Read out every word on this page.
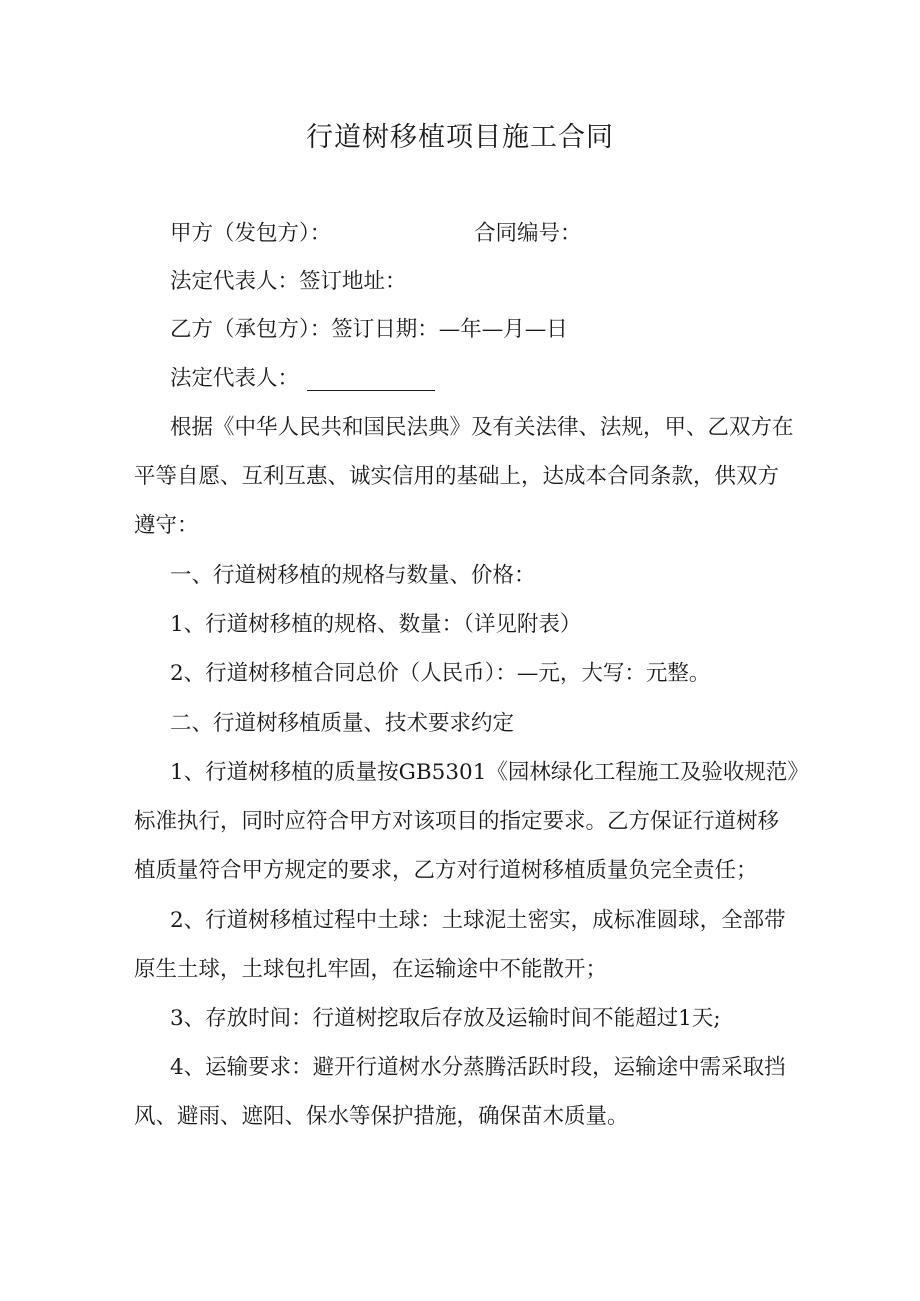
行道树移植项目施工合同
甲方（发包方）：	合同编号：
法定代表人：签订地址：
乙方（承包方）：签订日期：—年—月—日
法定代表人：
根据《中华人民共和国民法典》及有关法律、法规，甲、乙双方在
平等自愿、互利互惠、诚实信用的基础上，达成本合同条款，供双方
遵守：
一、行道树移植的规格与数量、价格：
1、行道树移植的规格、数量：（详见附表）
2、行道树移植合同总价（人民币）：—元，大写：元整。
二、行道树移植质量、技术要求约定
1、行道树移植的质量按GB5301《园林绿化工程施工及验收规范》
标准执行，同时应符合甲方对该项目的指定要求。乙方保证行道树移
植质量符合甲方规定的要求，乙方对行道树移植质量负完全责任；
2、行道树移植过程中土球：土球泥土密实，成标准圆球，全部带
原生土球，土球包扎牢固，在运输途中不能散开；
3、存放时间：行道树挖取后存放及运输时间不能超过1天;
4、运输要求：避开行道树水分蒸腾活跃时段，运输途中需采取挡
风、避雨、遮阳、保水等保护措施，确保苗木质量。
